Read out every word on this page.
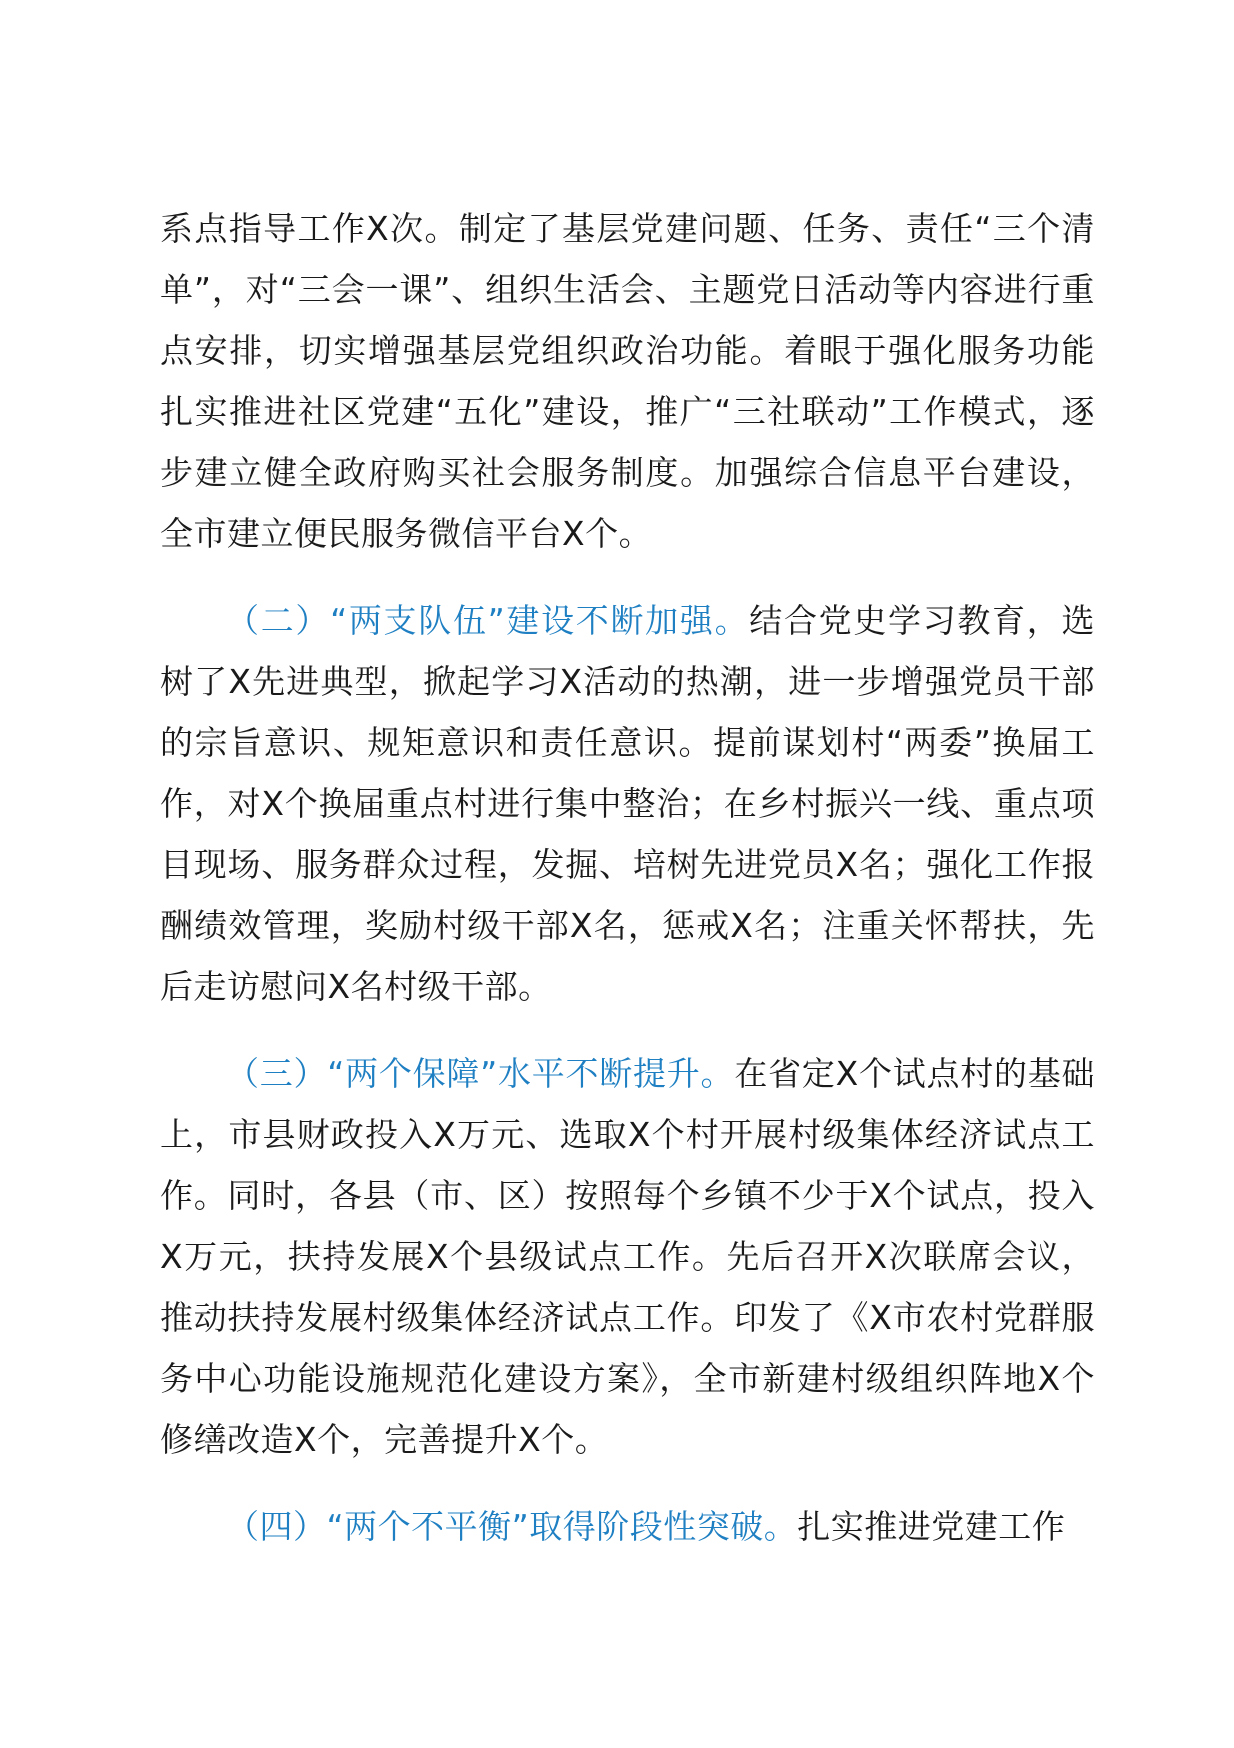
系点指导工作X次。制定了基层党建问题、任务、责任“三个清单”，对“三会一课”、组织生活会、主题党日活动等内容进行重点安排，切实增强基层党组织政治功能。着眼于强化服务功能扎实推进社区党建“五化”建设，推广“三社联动”工作模式，逐步建立健全政府购买社会服务制度。加强综合信息平台建设，全市建立便民服务微信平台X个。

（二）“两支队伍”建设不断加强。结合党史学习教育，选树了X先进典型，掀起学习X活动的热潮，进一步增强党员干部的宗旨意识、规矩意识和责任意识。提前谋划村“两委”换届工作，对X个换届重点村进行集中整治；在乡村振兴一线、重点项目现场、服务群众过程，发掘、培树先进党员X名；强化工作报酬绩效管理，奖励村级干部X名，惩戒X名；注重关怀帮扶，先后走访慰问X名村级干部。

（三）“两个保障”水平不断提升。在省定X个试点村的基础上，市县财政投入X万元、选取X个村开展村级集体经济试点工作。同时，各县（市、区）按照每个乡镇不少于X个试点，投入X万元，扶持发展X个县级试点工作。先后召开X次联席会议，推动扶持发展村级集体经济试点工作。印发了《X市农村党群服务中心功能设施规范化建设方案》，全市新建村级组织阵地X个修缮改造X个，完善提升X个。

（四）“两个不平衡”取得阶段性突破。扎实推进党建工作
